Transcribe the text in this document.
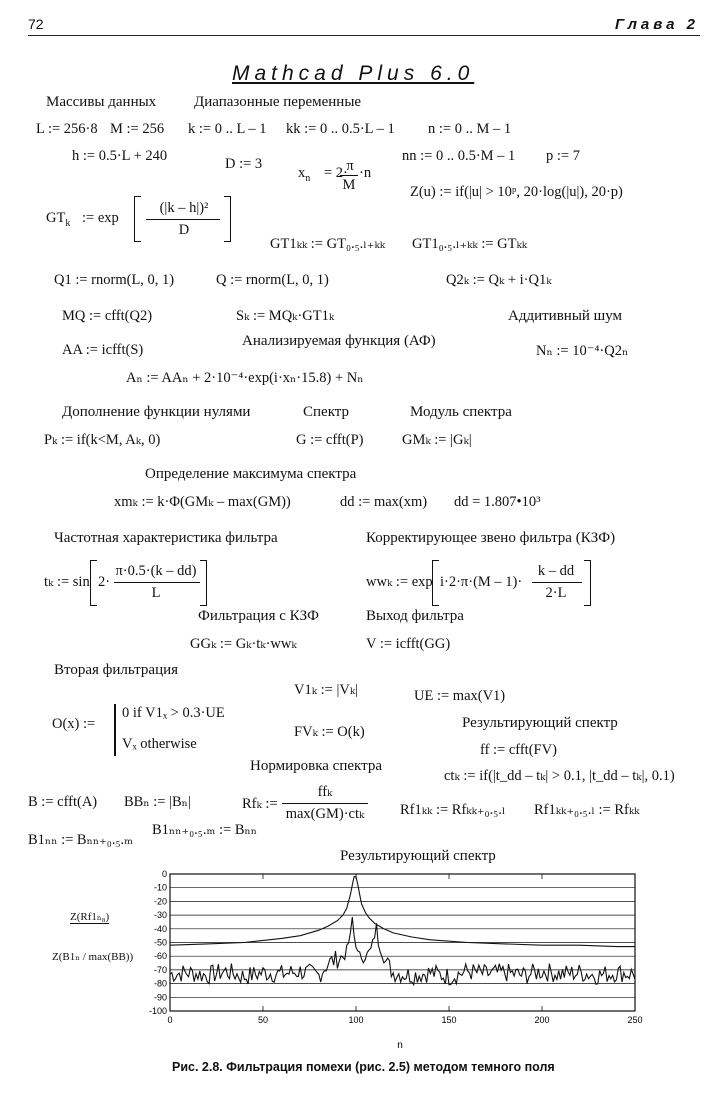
72	Глава 2
Mathcad Plus 6.0
Массивы данных	Диапазонные переменные
L := 256·8 M := 256 k := 0 .. L – 1 kk := 0 .. 0.5·L – 1 n := 0 .. M – 1
h := 0.5·L + 240	D := 3	nn := 0 .. 0.5·M – 1 p := 7
$x_n = 2\cdot$
π
M
·n
Z(u) := if(|u| > 10ᵖ, 20·log(|u|), 20·p)
$GT_k$ := exp
(|k – h|)²
D
GT1ₖₖ := GT₀.₅.ₗ₊ₖₖ GT1₀.₅.ₗ₊ₖₖ := GTₖₖ
Q1 := rnorm(L, 0, 1)	Q := rnorm(L, 0, 1)	Q2ₖ := Qₖ + i·Q1ₖ
MQ := cfft(Q2)	Sₖ := MQₖ·GT1ₖ	Аддитивный шум
AA := icfft(S)
Анализируемая функция (АФ)
Nₙ := 10⁻⁴·Q2ₙ
Aₙ := AAₙ + 2·10⁻⁴·exp(i·xₙ·15.8) + Nₙ
Дополнение функции нулями	Спектр	Модуль спектра
Pₖ := if(k<M, Aₖ, 0)	G := cfft(P)	GMₖ := |Gₖ|
Определение максимума спектра
xmₖ := k·Φ(GMₖ – max(GM))	dd := max(xm) dd = 1.807•10³
Частотная характеристика фильтра	Корректирующее звено фильтра (КЗФ)
tₖ := sin 2·
π·0.5·(k – dd)
L
wwₖ := exp i·2·π·(M – 1)·
k – dd
2·L
Фильтрация с КЗФ	Выход фильтра
GGₖ := Gₖ·tₖ·wwₖ	V := icfft(GG)
Вторая фильтрация
V1ₖ := |Vₖ|	UE := max(V1)
O(x) :=
0 if V1ₓ > 0.3·UE
Vₓ otherwise
Результирующий спектр
FVₖ := O(k)
ff := cfft(FV)
Нормировка спектра
ctₖ := if(|t_dd – tₖ| > 0.1, |t_dd – tₖ|, 0.1)
B := cfft(A) BBₙ := |Bₙ|	Rfₖ :=
ffₖ
max(GM)·ctₖ Rf1ₖₖ := Rfₖₖ₊₀.₅.ₗ Rf1ₖₖ₊₀.₅.ₗ := Rfₖₖ
B1ₙₙ := Bₙₙ₊₀.₅.ₘ
B1ₙₙ₊₀.₅.ₘ := Bₙₙ
Результирующий спектр
Z(Rf1ₙ₈)
Z(B1ₙ / max(BB))
0
-10
-20
-30
-40
-50
-60
-70
-80
-90
-100
0	50	100	150	200	250
n
Рис. 2.8. Фильтрация помехи (рис. 2.5) методом темного поля
